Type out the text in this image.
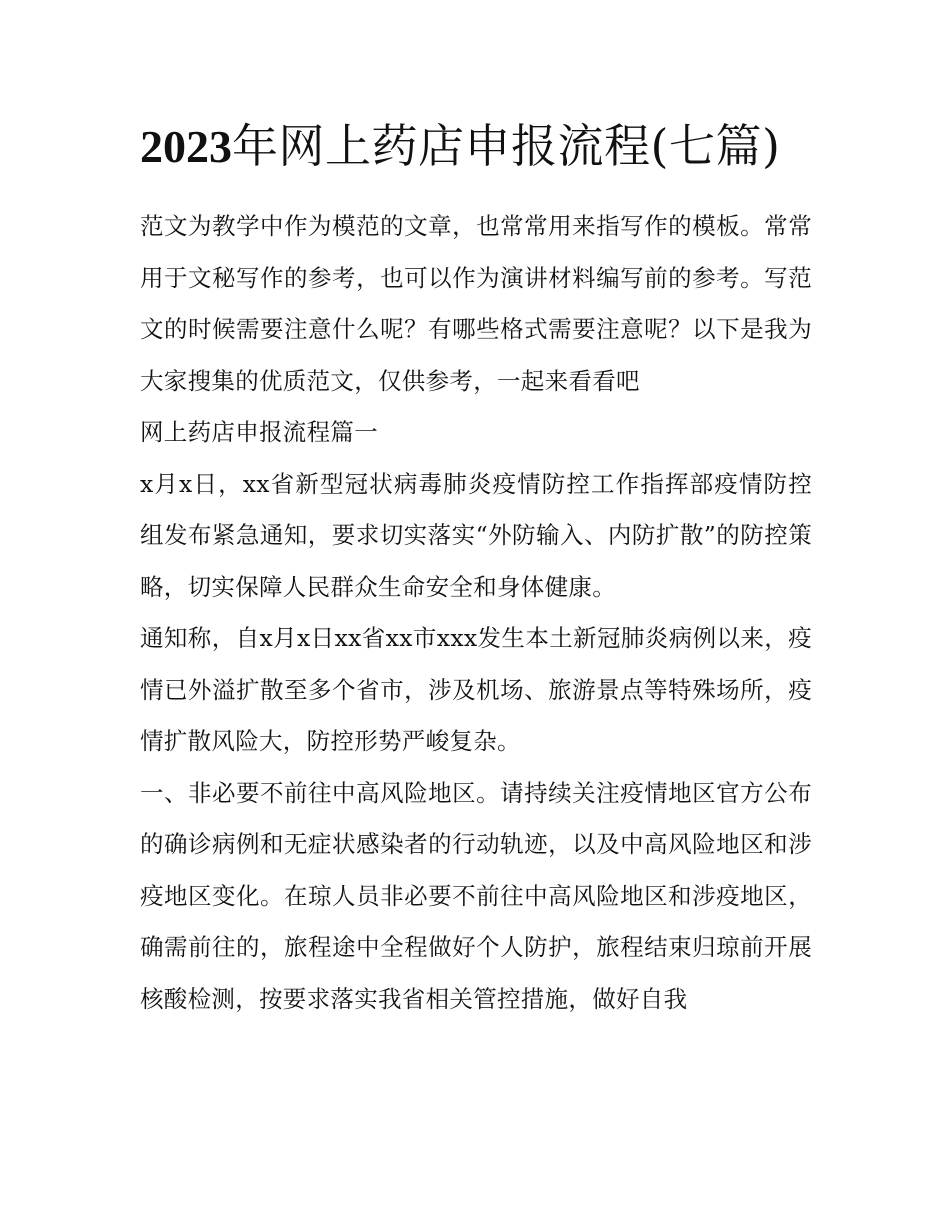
2023年网上药店申报流程(七篇)

范文为教学中作为模范的文章，也常常用来指写作的模板。常常用于文秘写作的参考，也可以作为演讲材料编写前的参考。写范文的时候需要注意什么呢？有哪些格式需要注意呢？以下是我为大家搜集的优质范文，仅供参考，一起来看看吧

网上药店申报流程篇一

x月x日，xx省新型冠状病毒肺炎疫情防控工作指挥部疫情防控组发布紧急通知，要求切实落实“外防输入、内防扩散”的防控策略，切实保障人民群众生命安全和身体健康。

通知称，自x月x日xx省xx市xxx发生本土新冠肺炎病例以来，疫情已外溢扩散至多个省市，涉及机场、旅游景点等特殊场所，疫情扩散风险大，防控形势严峻复杂。

一、非必要不前往中高风险地区。请持续关注疫情地区官方公布的确诊病例和无症状感染者的行动轨迹，以及中高风险地区和涉疫地区变化。在琼人员非必要不前往中高风险地区和涉疫地区，确需前往的，旅程途中全程做好个人防护，旅程结束归琼前开展核酸检测，按要求落实我省相关管控措施，做好自我
